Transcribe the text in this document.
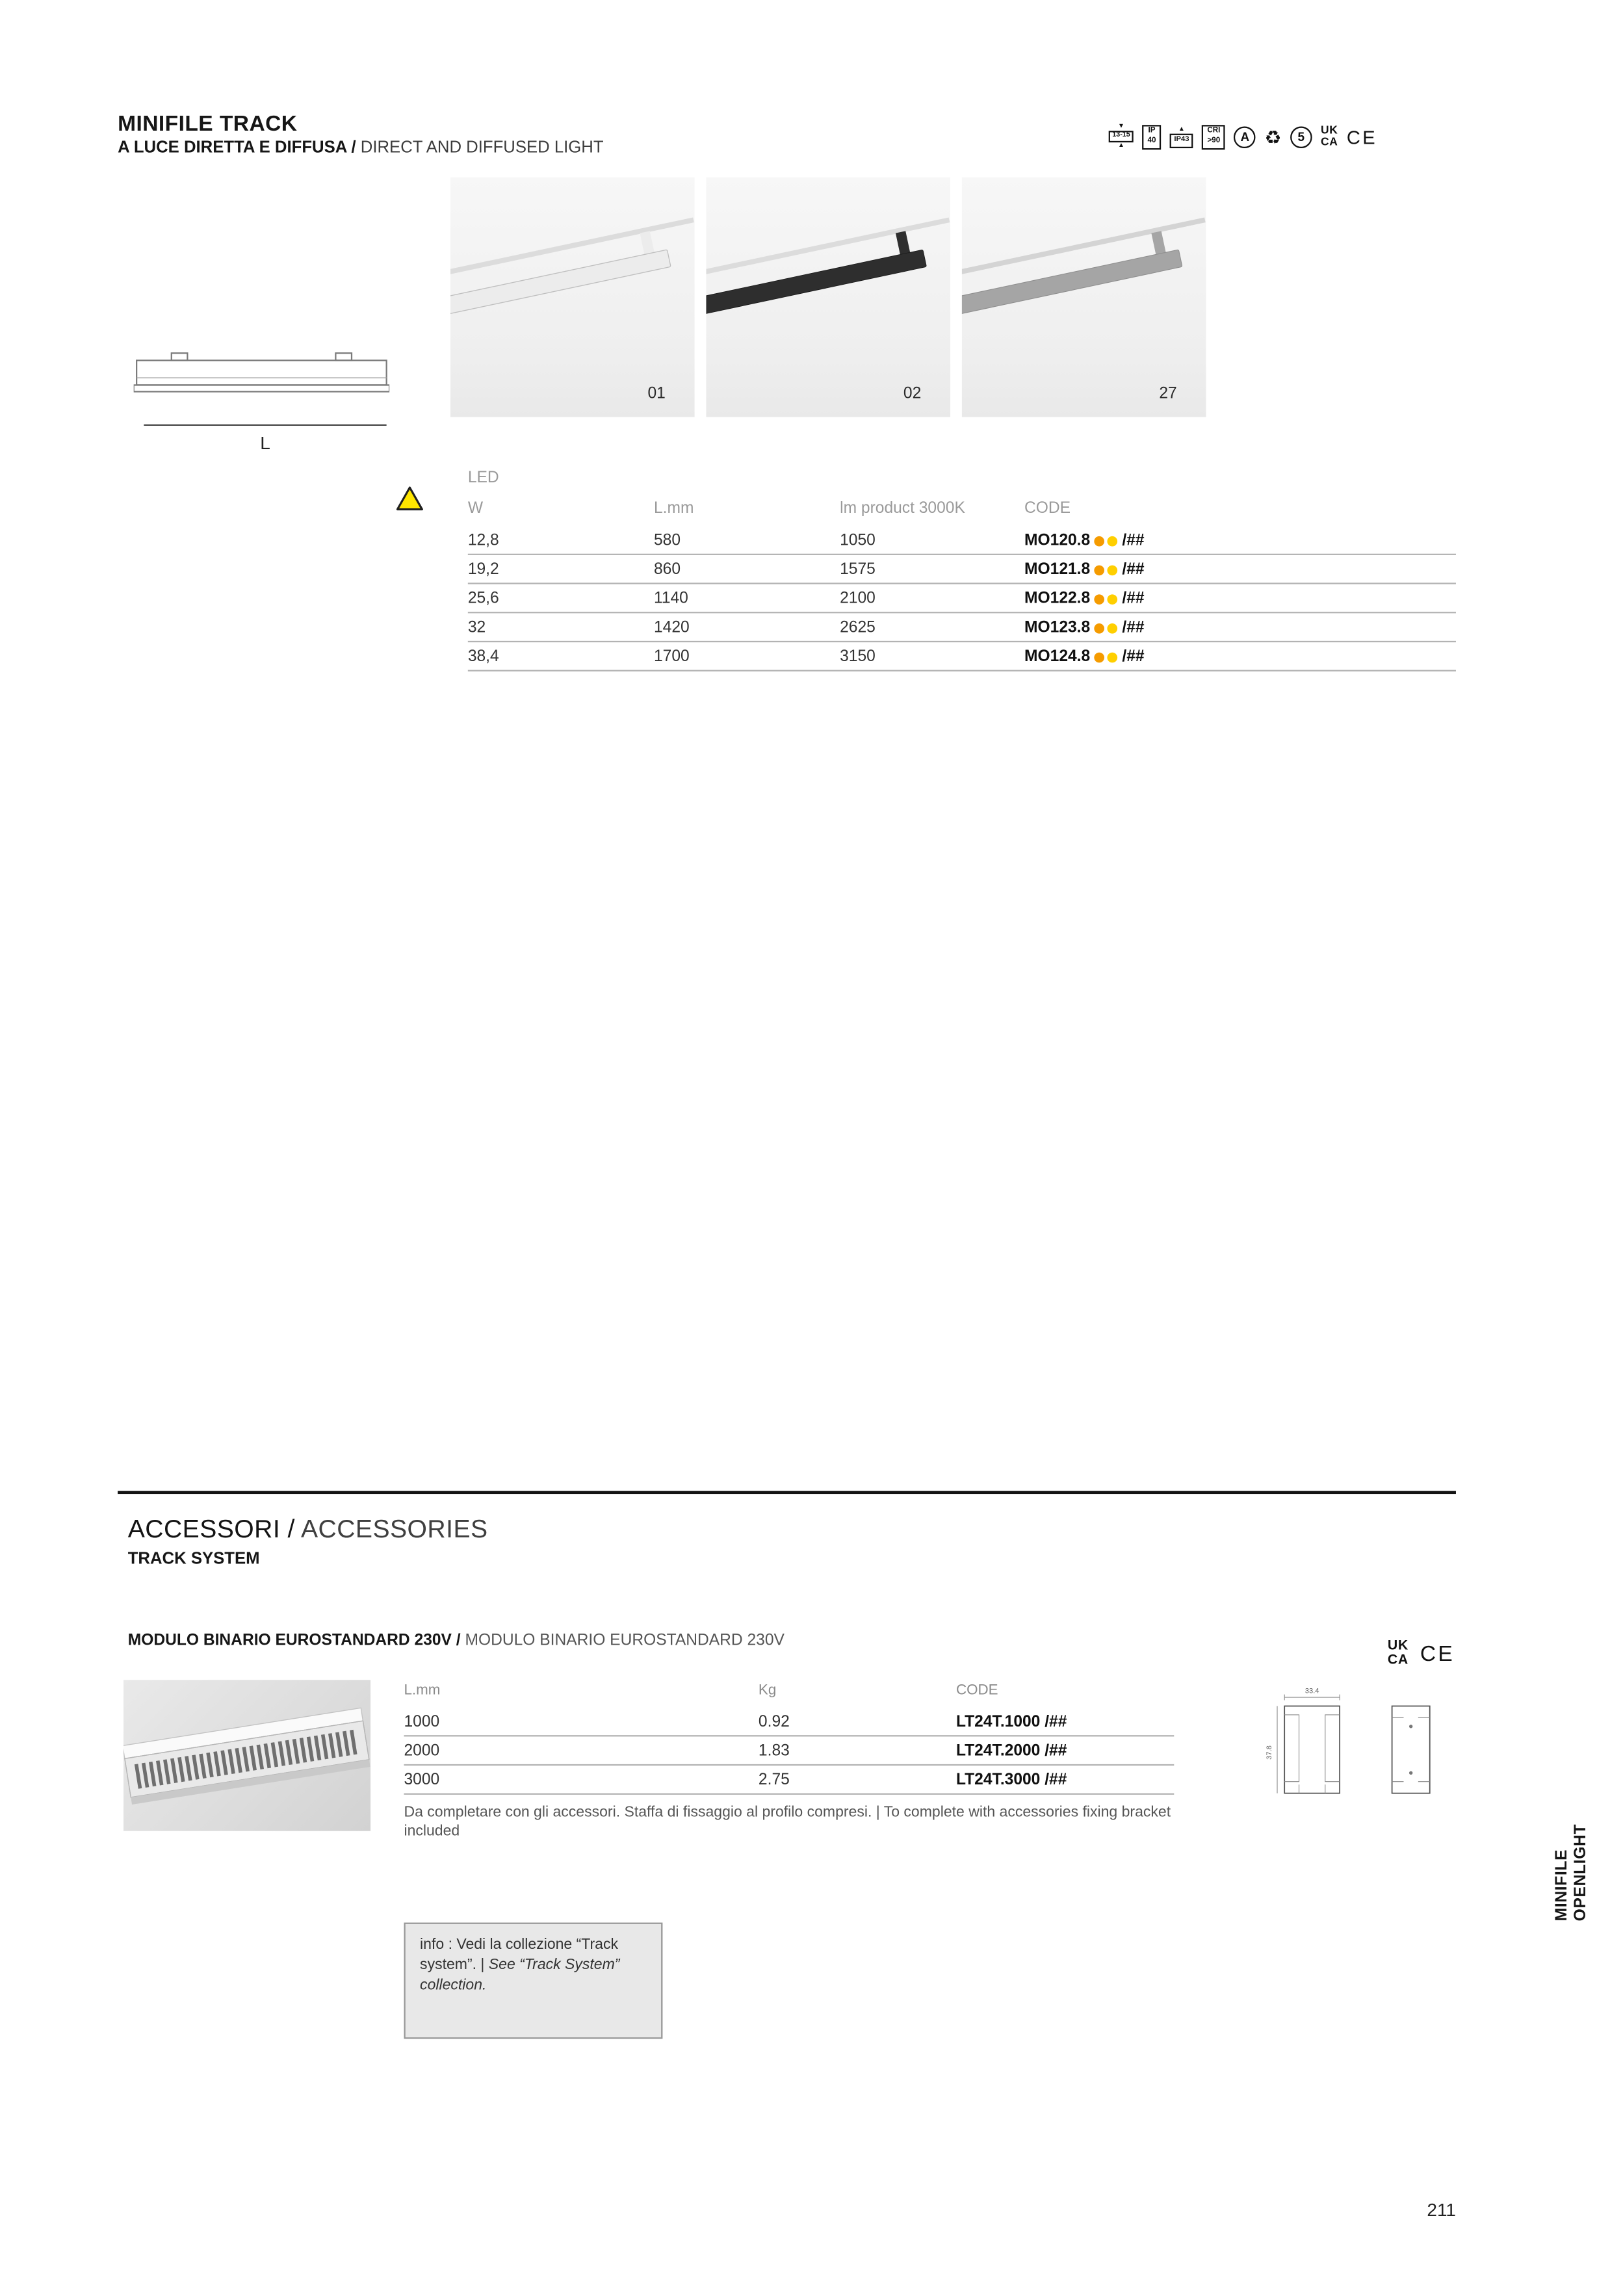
MINIFILE TRACK

A LUCE DIRETTA E DIFFUSA / DIRECT AND DIFFUSED LIGHT

▼
13-15
▲
IP
40
▲
IP43
CRI
>90	A ♻	5	UK
CA CE
01	02	27
L
LED
W	L.mm	lm product 3000K	CODE
12,8	580	1050	MO120.8	/##
19,2	860	1575	MO121.8	/##
25,6	1140	2100	MO122.8	/##
32	1420	2625	MO123.8	/##
38,4	1700	3150	MO124.8	/##
ACCESSORI / ACCESSORIES
TRACK SYSTEM
MODULO BINARIO EUROSTANDARD 230V / MODULO BINARIO EUROSTANDARD 230V	UK
CA CE
L.mm	Kg	CODE
1000	0.92	LT24T.1000 /##
2000	1.83	LT24T.2000 /##
3000	2.75	LT24T.3000 /##
Da completare con gli accessori. Staffa di fissaggio al profilo compresi. | To complete with accessories fixing bracket included
33.4
37.8
info : Vedi la collezione “Track system”. | See “Track System” collection.
MINIFILE OPENLIGHT
211
